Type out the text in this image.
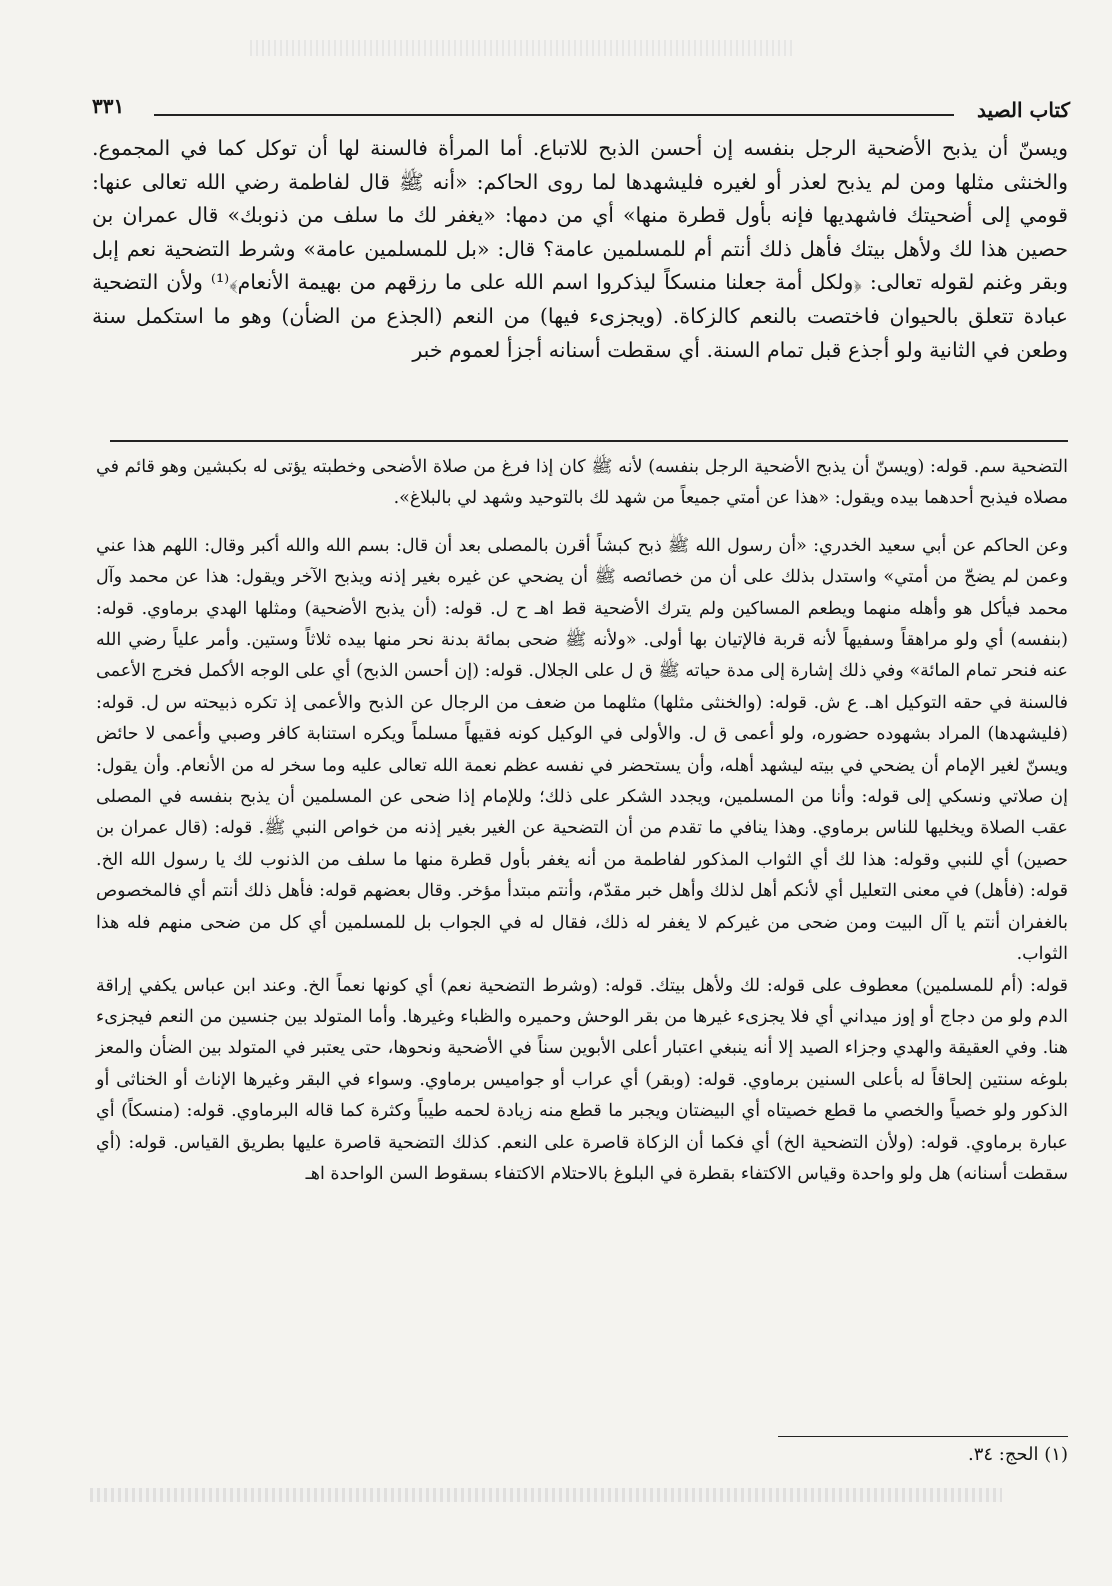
كتاب الصيد
٣٣١

ويسنّ أن يذبح الأضحية الرجل بنفسه إن أحسن الذبح للاتباع. أما المرأة فالسنة لها أن توكل كما في المجموع. والخنثى مثلها ومن لم يذبح لعذر أو لغيره فليشهدها لما روى الحاكم: «أنه ﷺ قال لفاطمة رضي الله تعالى عنها: قومي إلى أضحيتك فاشهديها فإنه بأول قطرة منها» أي من دمها: «يغفر لك ما سلف من ذنوبك» قال عمران بن حصين هذا لك ولأهل بيتك فأهل ذلك أنتم أم للمسلمين عامة؟ قال: «بل للمسلمين عامة» وشرط التضحية نعم إبل وبقر وغنم لقوله تعالى: ﴿ولكل أمة جعلنا منسكاً ليذكروا اسم الله على ما رزقهم من بهيمة الأنعام﴾⁽¹⁾ ولأن التضحية عبادة تتعلق بالحيوان فاختصت بالنعم كالزكاة. (ويجزىء فيها) من النعم (الجذع من الضأن) وهو ما استكمل سنة وطعن في الثانية ولو أجذع قبل تمام السنة. أي سقطت أسنانه أجزأ لعموم خبر

التضحية سم. قوله: (ويسنّ أن يذبح الأضحية الرجل بنفسه) لأنه ﷺ كان إذا فرغ من صلاة الأضحى وخطبته يؤتى له بكبشين وهو قائم في مصلاه فيذبح أحدهما بيده ويقول: «هذا عن أمتي جميعاً من شهد لك بالتوحيد وشهد لي بالبلاغ».

وعن الحاكم عن أبي سعيد الخدري: «أن رسول الله ﷺ ذبح كبشاً أقرن بالمصلى بعد أن قال: بسم الله والله أكبر وقال: اللهم هذا عني وعمن لم يضحّ من أمتي» واستدل بذلك على أن من خصائصه ﷺ أن يضحي عن غيره بغير إذنه ويذبح الآخر ويقول: هذا عن محمد وآل محمد فيأكل هو وأهله منهما ويطعم المساكين ولم يترك الأضحية قط اهـ ح ل. قوله: (أن يذبح الأضحية) ومثلها الهدي برماوي. قوله: (بنفسه) أي ولو مراهقاً وسفيهاً لأنه قربة فالإتيان بها أولى. «ولأنه ﷺ ضحى بمائة بدنة نحر منها بيده ثلاثاً وستين. وأمر علياً رضي الله عنه فنحر تمام المائة» وفي ذلك إشارة إلى مدة حياته ﷺ ق ل على الجلال. قوله: (إن أحسن الذبح) أي على الوجه الأكمل فخرج الأعمى فالسنة في حقه التوكيل اهـ. ع ش. قوله: (والخنثى مثلها) مثلهما من ضعف من الرجال عن الذبح والأعمى إذ تكره ذبيحته س ل. قوله: (فليشهدها) المراد بشهوده حضوره، ولو أعمى ق ل. والأولى في الوكيل كونه فقيهاً مسلماً ويكره استنابة كافر وصبي وأعمى لا حائض ويسنّ لغير الإمام أن يضحي في بيته ليشهد أهله، وأن يستحضر في نفسه عظم نعمة الله تعالى عليه وما سخر له من الأنعام. وأن يقول: إن صلاتي ونسكي إلى قوله: وأنا من المسلمين، ويجدد الشكر على ذلك؛ وللإمام إذا ضحى عن المسلمين أن يذبح بنفسه في المصلى عقب الصلاة ويخليها للناس برماوي. وهذا ينافي ما تقدم من أن التضحية عن الغير بغير إذنه من خواص النبي ﷺ. قوله: (قال عمران بن حصين) أي للنبي وقوله: هذا لك أي الثواب المذكور لفاطمة من أنه يغفر بأول قطرة منها ما سلف من الذنوب لك يا رسول الله الخ. قوله: (فأهل) في معنى التعليل أي لأنكم أهل لذلك وأهل خبر مقدّم، وأنتم مبتدأ مؤخر. وقال بعضهم قوله: فأهل ذلك أنتم أي فالمخصوص بالغفران أنتم يا آل البيت ومن ضحى من غيركم لا يغفر له ذلك، فقال له في الجواب بل للمسلمين أي كل من ضحى منهم فله هذا الثواب.

قوله: (أم للمسلمين) معطوف على قوله: لك ولأهل بيتك. قوله: (وشرط التضحية نعم) أي كونها نعماً الخ. وعند ابن عباس يكفي إراقة الدم ولو من دجاج أو إوز ميداني أي فلا يجزىء غيرها من بقر الوحش وحميره والظباء وغيرها. وأما المتولد بين جنسين من النعم فيجزىء هنا. وفي العقيقة والهدي وجزاء الصيد إلا أنه ينبغي اعتبار أعلى الأبوين سناً في الأضحية ونحوها، حتى يعتبر في المتولد بين الضأن والمعز بلوغه سنتين إلحاقاً له بأعلى السنين برماوي. قوله: (وبقر) أي عراب أو جواميس برماوي. وسواء في البقر وغيرها الإناث أو الخناثى أو الذكور ولو خصياً والخصي ما قطع خصيتاه أي البيضتان ويجبر ما قطع منه زيادة لحمه طيباً وكثرة كما قاله البرماوي. قوله: (منسكاً) أي عبارة برماوي. قوله: (ولأن التضحية الخ) أي فكما أن الزكاة قاصرة على النعم. كذلك التضحية قاصرة عليها بطريق القياس. قوله: (أي سقطت أسنانه) هل ولو واحدة وقياس الاكتفاء بقطرة في البلوغ بالاحتلام الاكتفاء بسقوط السن الواحدة اهـ

(١) الحج: ٣٤.
